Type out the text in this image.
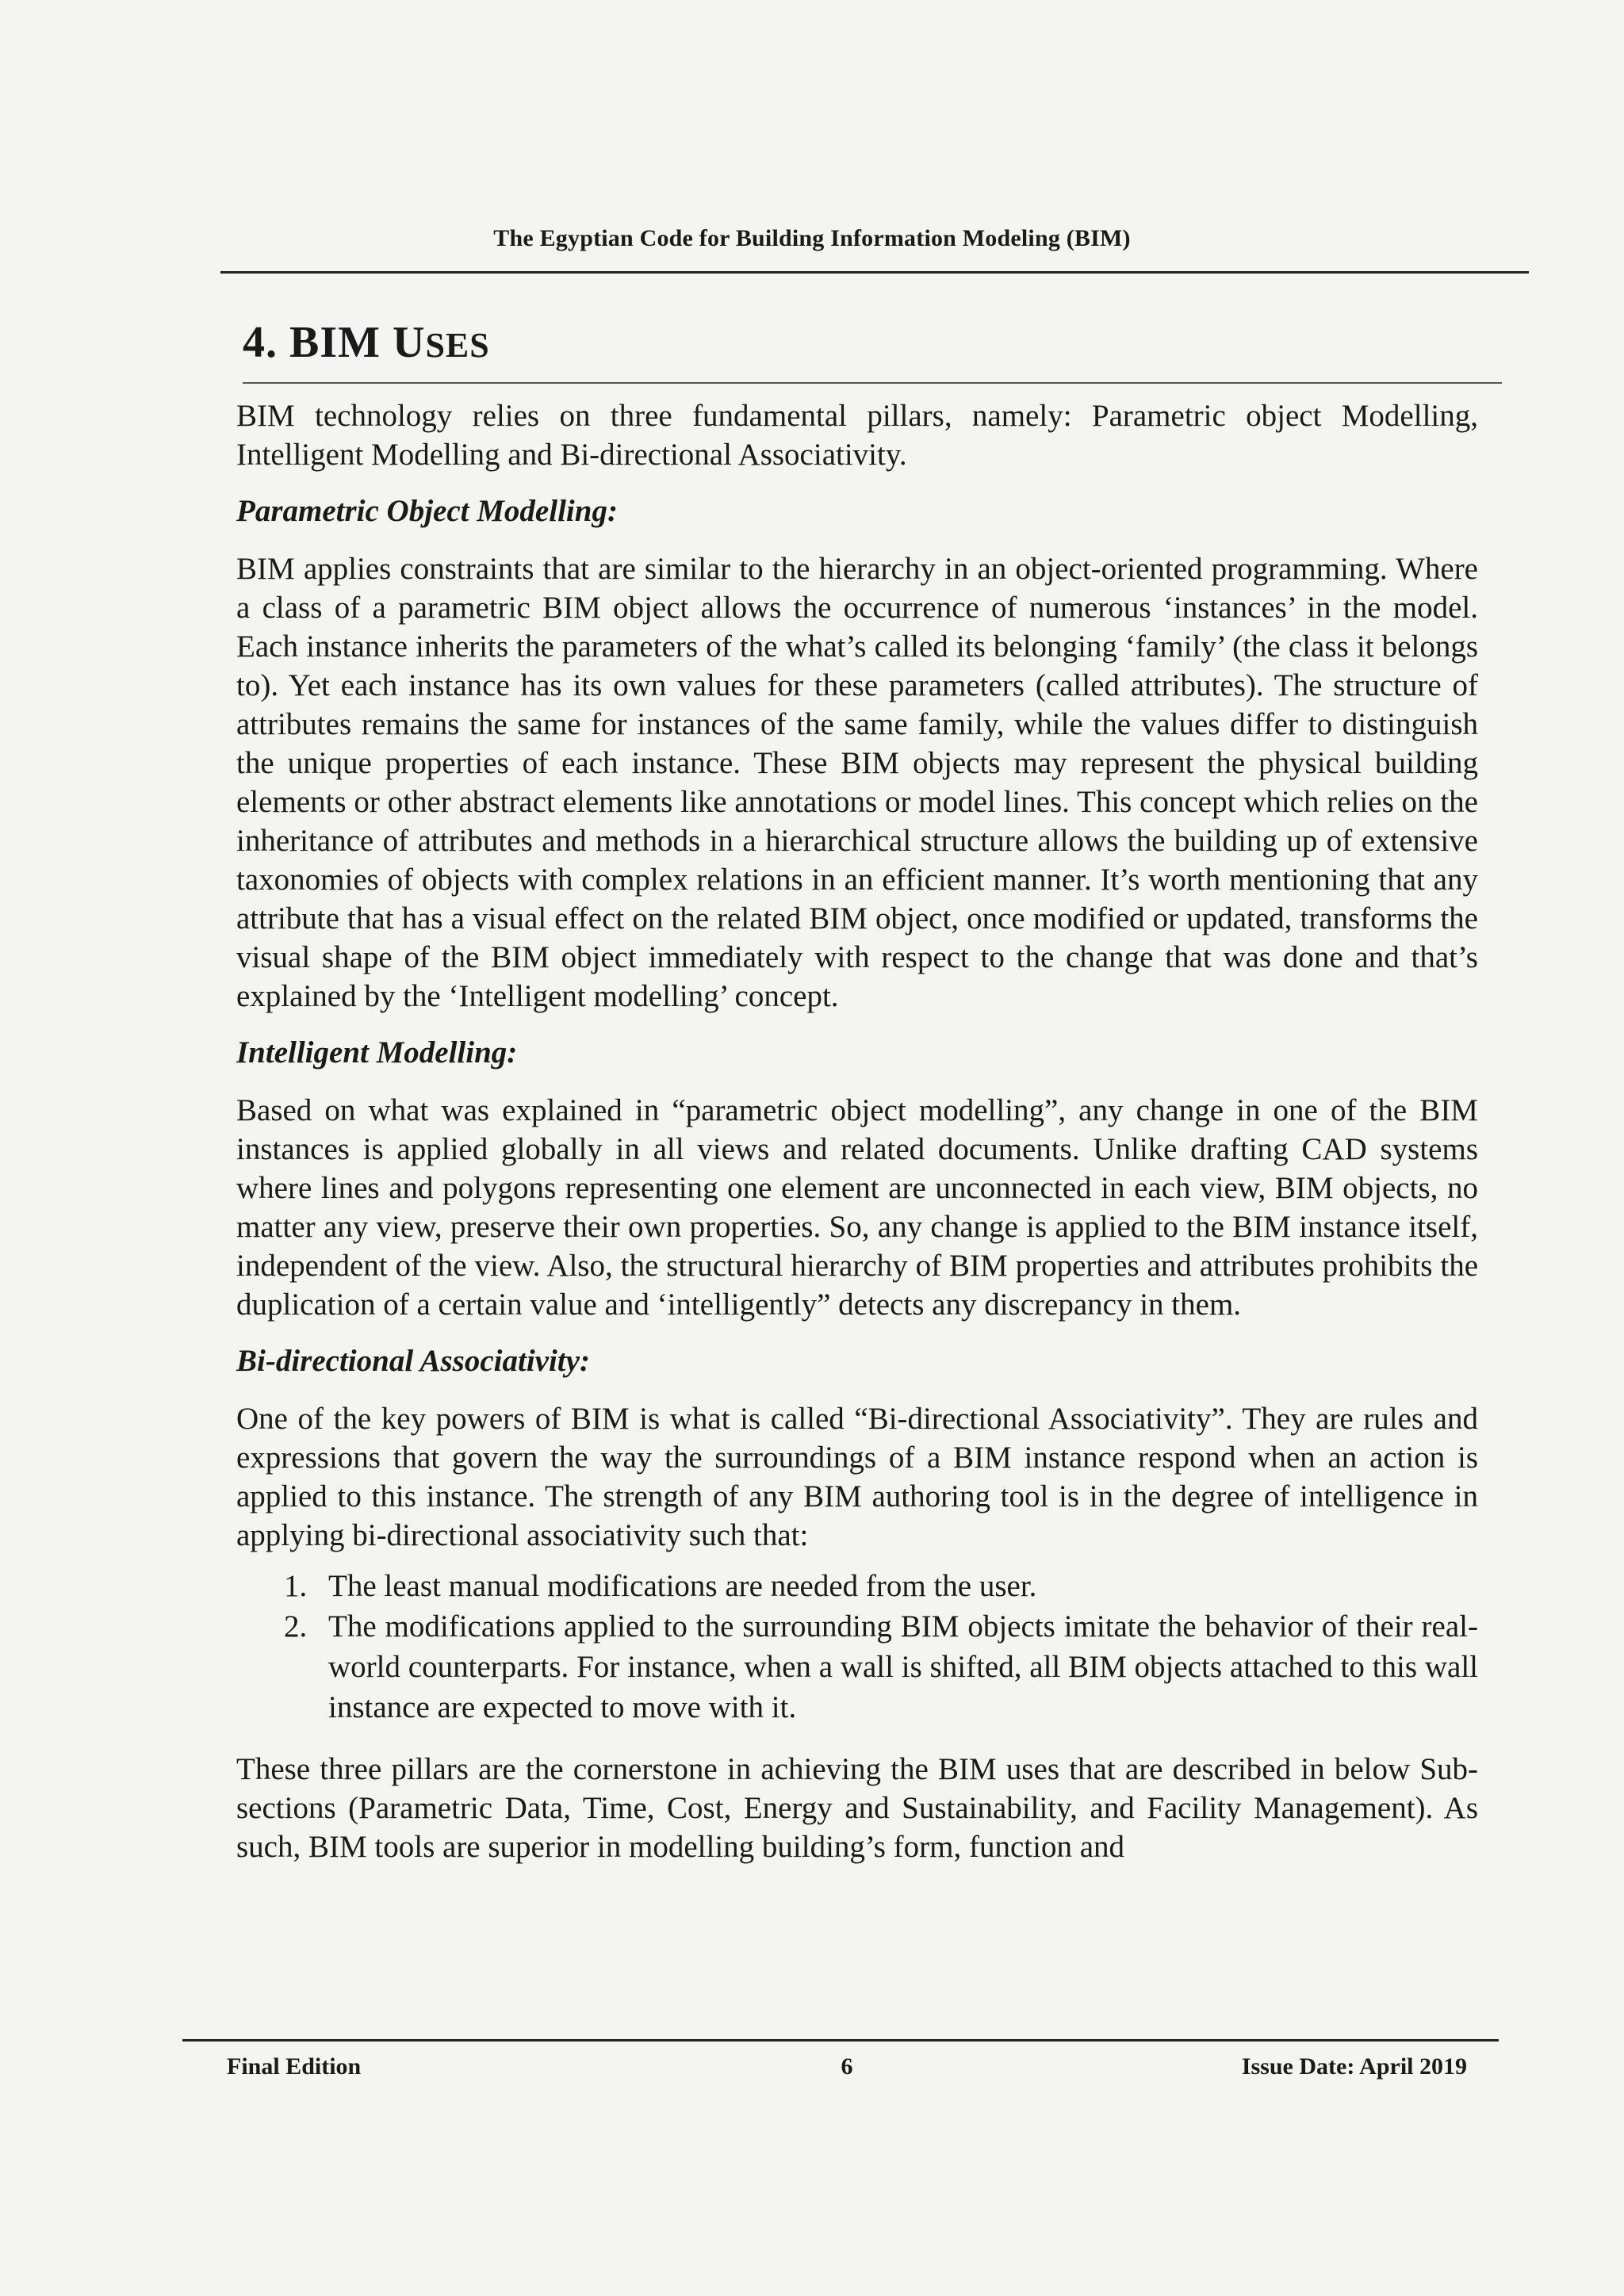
The Egyptian Code for Building Information Modeling (BIM)
4. BIM USES

BIM technology relies on three fundamental pillars, namely: Parametric object Modelling, Intelligent Modelling and Bi-directional Associativity.

Parametric Object Modelling:

BIM applies constraints that are similar to the hierarchy in an object-oriented programming. Where a class of a parametric BIM object allows the occurrence of numerous ‘instances’ in the model. Each instance inherits the parameters of the what’s called its belonging ‘family’ (the class it belongs to). Yet each instance has its own values for these parameters (called attributes). The structure of attributes remains the same for instances of the same family, while the values differ to distinguish the unique properties of each instance. These BIM objects may represent the physical building elements or other abstract elements like annotations or model lines. This concept which relies on the inheritance of attributes and methods in a hierarchical structure allows the building up of extensive taxonomies of objects with complex relations in an efficient manner. It’s worth mentioning that any attribute that has a visual effect on the related BIM object, once modified or updated, transforms the visual shape of the BIM object immediately with respect to the change that was done and that’s explained by the ‘Intelligent modelling’ concept.

Intelligent Modelling:

Based on what was explained in “parametric object modelling”, any change in one of the BIM instances is applied globally in all views and related documents. Unlike drafting CAD systems where lines and polygons representing one element are unconnected in each view, BIM objects, no matter any view, preserve their own properties. So, any change is applied to the BIM instance itself, independent of the view. Also, the structural hierarchy of BIM properties and attributes prohibits the duplication of a certain value and ‘intelligently” detects any discrepancy in them.

Bi-directional Associativity:

One of the key powers of BIM is what is called “Bi-directional Associativity”. They are rules and expressions that govern the way the surroundings of a BIM instance respond when an action is applied to this instance. The strength of any BIM authoring tool is in the degree of intelligence in applying bi-directional associativity such that:

1. The least manual modifications are needed from the user.
2. The modifications applied to the surrounding BIM objects imitate the behavior of their real-world counterparts. For instance, when a wall is shifted, all BIM objects attached to this wall instance are expected to move with it.

These three pillars are the cornerstone in achieving the BIM uses that are described in below Sub-sections (Parametric Data, Time, Cost, Energy and Sustainability, and Facility Management). As such, BIM tools are superior in modelling building’s form, function and

Final Edition	6	Issue Date: April 2019
